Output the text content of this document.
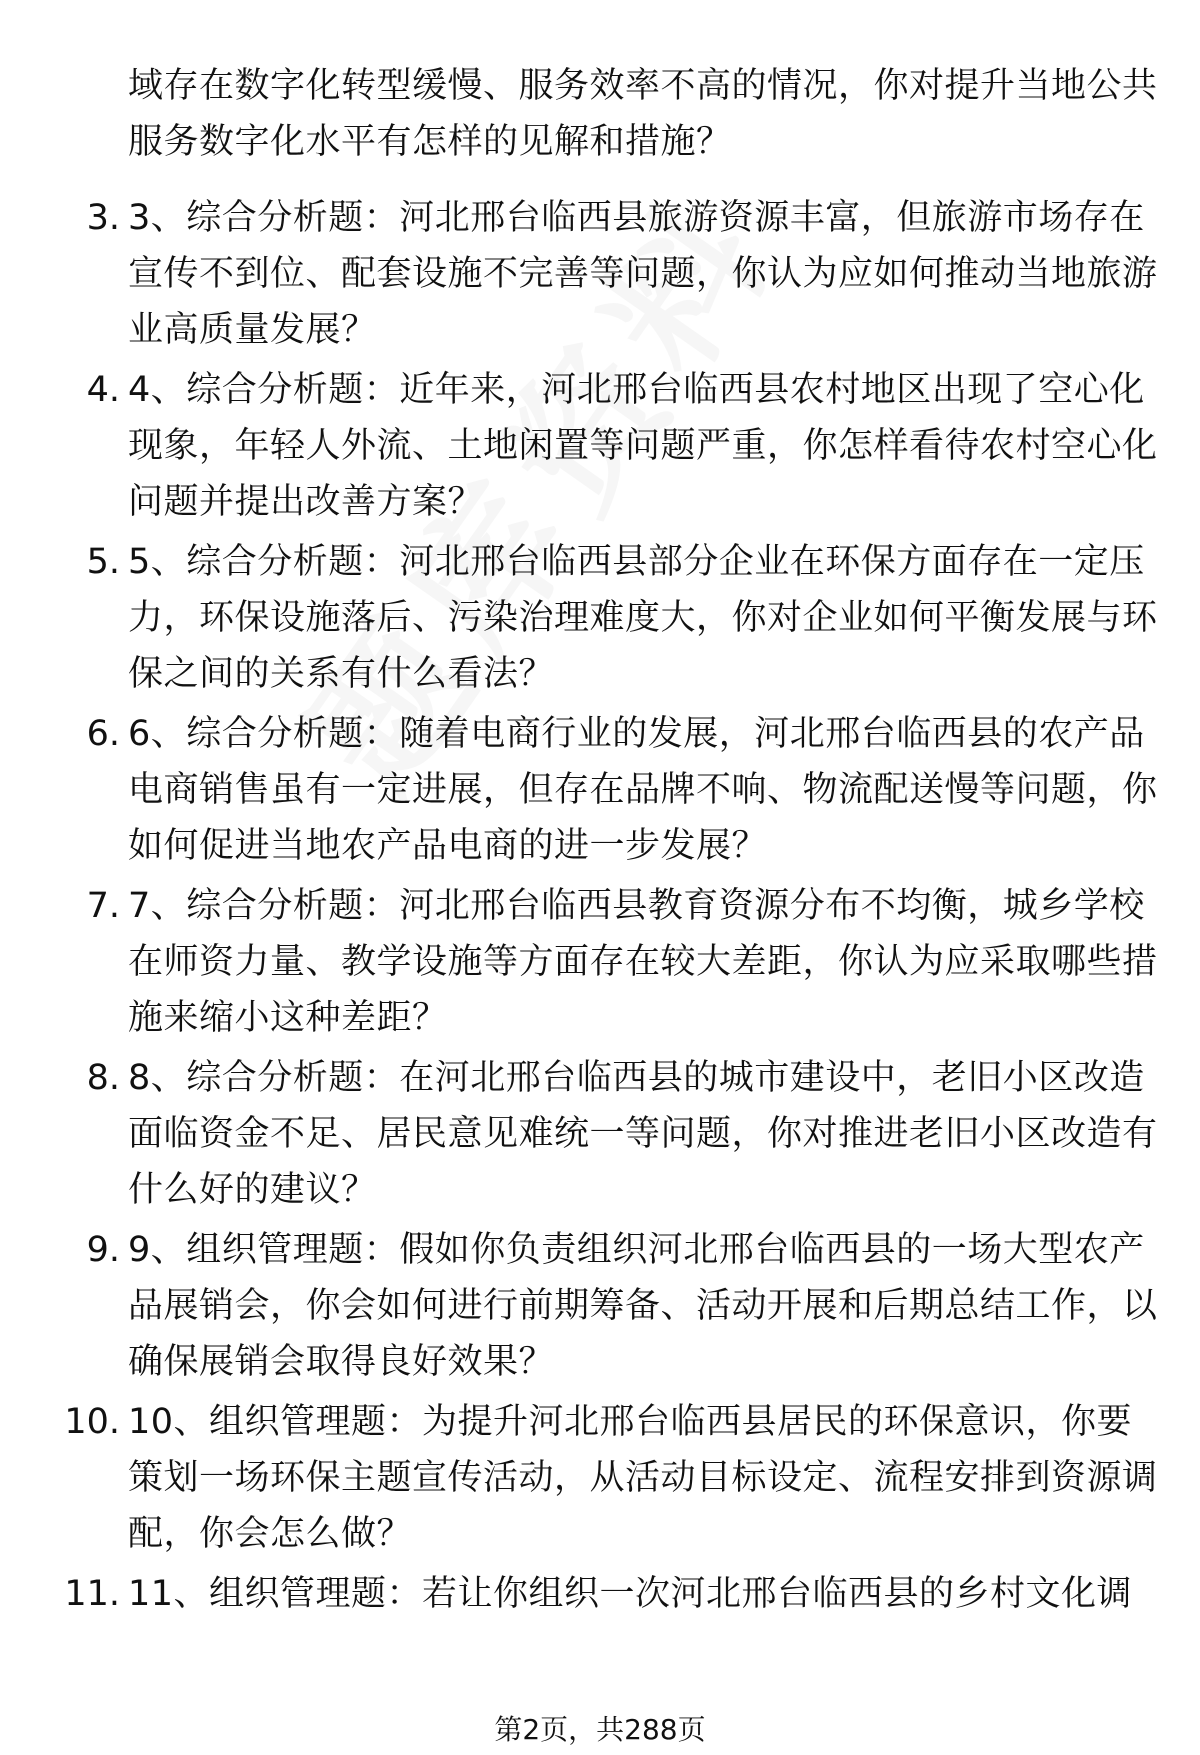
域存在数字化转型缓慢、服务效率不高的情况，你对提升当地公共服务数字化水平有怎样的见解和措施？
3. 3、综合分析题：河北邢台临西县旅游资源丰富，但旅游市场存在宣传不到位、配套设施不完善等问题，你认为应如何推动当地旅游业高质量发展？
4. 4、综合分析题：近年来，河北邢台临西县农村地区出现了空心化现象，年轻人外流、土地闲置等问题严重，你怎样看待农村空心化问题并提出改善方案？
5. 5、综合分析题：河北邢台临西县部分企业在环保方面存在一定压力，环保设施落后、污染治理难度大，你对企业如何平衡发展与环保之间的关系有什么看法？
6. 6、综合分析题：随着电商行业的发展，河北邢台临西县的农产品电商销售虽有一定进展，但存在品牌不响、物流配送慢等问题，你如何促进当地农产品电商的进一步发展？
7. 7、综合分析题：河北邢台临西县教育资源分布不均衡，城乡学校在师资力量、教学设施等方面存在较大差距，你认为应采取哪些措施来缩小这种差距？
8. 8、综合分析题：在河北邢台临西县的城市建设中，老旧小区改造面临资金不足、居民意见难统一等问题，你对推进老旧小区改造有什么好的建议？
9. 9、组织管理题：假如你负责组织河北邢台临西县的一场大型农产品展销会，你会如何进行前期筹备、活动开展和后期总结工作，以确保展销会取得良好效果？
10. 10、组织管理题：为提升河北邢台临西县居民的环保意识，你要策划一场环保主题宣传活动，从活动目标设定、流程安排到资源调配，你会怎么做？
11. 11、组织管理题：若让你组织一次河北邢台临西县的乡村文化调
第2页，共288页
